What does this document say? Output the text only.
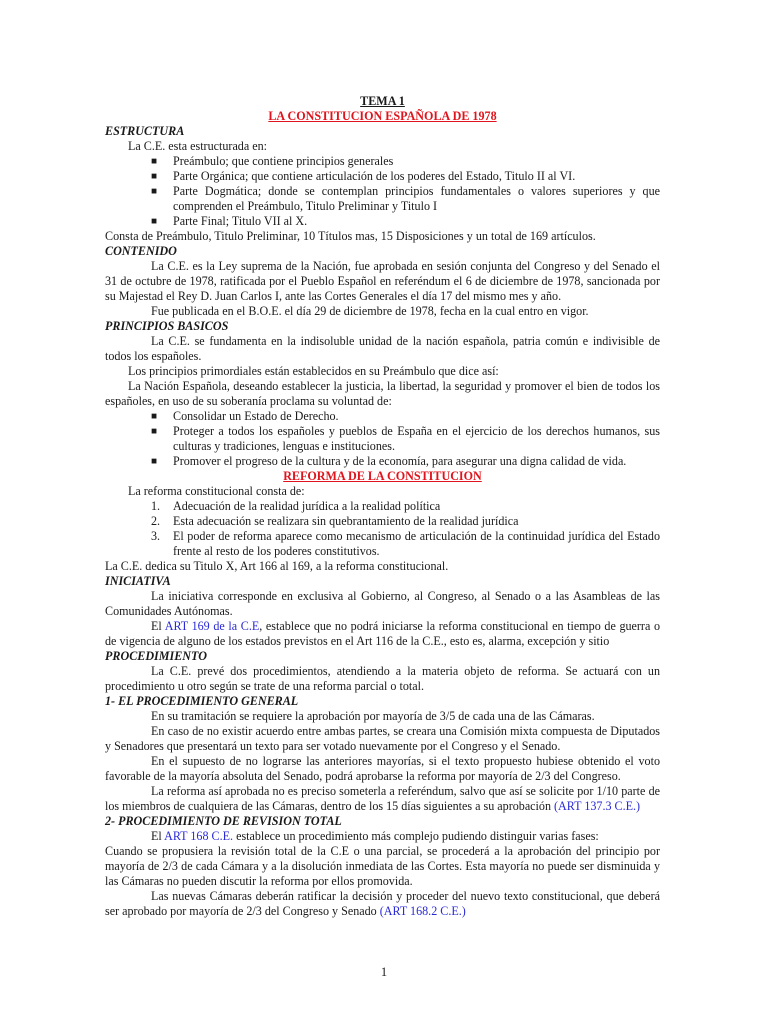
TEMA 1

LA CONSTITUCION ESPAÑOLA DE 1978

ESTRUCTURA

La C.E. esta estructurada en:

■ Preámbulo; que contiene principios generales
■ Parte Orgánica; que contiene articulación de los poderes del Estado, Titulo II al VI.
■ Parte Dogmática; donde se contemplan principios fundamentales o valores superiores y que comprenden el Preámbulo, Titulo Preliminar y Titulo I
■ Parte Final; Titulo VII al X.

Consta de Preámbulo, Titulo Preliminar, 10 Títulos mas, 15 Disposiciones y un total de 169 artículos.

CONTENIDO

La C.E. es la Ley suprema de la Nación, fue aprobada en sesión conjunta del Congreso y del Senado el 31 de octubre de 1978, ratificada por el Pueblo Español en referéndum el 6 de diciembre de 1978, sancionada por su Majestad el Rey D. Juan Carlos I, ante las Cortes Generales el día 17 del mismo mes y año.

Fue publicada en el B.O.E. el día 29 de diciembre de 1978, fecha en la cual entro en vigor.

PRINCIPIOS BASICOS

La C.E. se fundamenta en la indisoluble unidad de la nación española, patria común e indivisible de todos los españoles.

Los principios primordiales están establecidos en su Preámbulo que dice así:

La Nación Española, deseando establecer la justicia, la libertad, la seguridad y promover el bien de todos los españoles, en uso de su soberanía proclama su voluntad de:

■ Consolidar un Estado de Derecho.
■ Proteger a todos los españoles y pueblos de España en el ejercicio de los derechos humanos, sus culturas y tradiciones, lenguas e instituciones.
■ Promover el progreso de la cultura y de la economía, para asegurar una digna calidad de vida.

REFORMA DE LA CONSTITUCION

La reforma constitucional consta de:

1. Adecuación de la realidad jurídica a la realidad política
2. Esta adecuación se realizara sin quebrantamiento de la realidad jurídica
3. El poder de reforma aparece como mecanismo de articulación de la continuidad jurídica del Estado frente al resto de los poderes constitutivos.

La C.E. dedica su Titulo X, Art 166 al 169, a la reforma constitucional.

INICIATIVA

La iniciativa corresponde en exclusiva al Gobierno, al Congreso, al Senado o a las Asambleas de las Comunidades Autónomas.

El ART 169 de la C.E, establece que no podrá iniciarse la reforma constitucional en tiempo de guerra o de vigencia de alguno de los estados previstos en el Art 116 de la C.E., esto es, alarma, excepción y sitio

PROCEDIMIENTO

La C.E. prevé dos procedimientos, atendiendo a la materia objeto de reforma. Se actuará con un procedimiento u otro según se trate de una reforma parcial o total.

1- EL PROCEDIMIENTO GENERAL

En su tramitación se requiere la aprobación por mayoría de 3/5 de cada una de las Cámaras.

En caso de no existir acuerdo entre ambas partes, se creara una Comisión mixta compuesta de Diputados y Senadores que presentará un texto para ser votado nuevamente por el Congreso y el Senado.

En el supuesto de no lograrse las anteriores mayorías, si el texto propuesto hubiese obtenido el voto favorable de la mayoría absoluta del Senado, podrá aprobarse la reforma por mayoría de 2/3 del Congreso.

La reforma así aprobada no es preciso someterla a referéndum, salvo que así se solicite por 1/10 parte de los miembros de cualquiera de las Cámaras, dentro de los 15 días siguientes a su aprobación (ART 137.3 C.E.)

2- PROCEDIMIENTO DE REVISION TOTAL

El ART 168 C.E. establece un procedimiento más complejo pudiendo distinguir varias fases:

Cuando se propusiera la revisión total de la C.E o una parcial, se procederá a la aprobación del principio por mayoría de 2/3 de cada Cámara y a la disolución inmediata de las Cortes. Esta mayoría no puede ser disminuida y las Cámaras no pueden discutir la reforma por ellos promovida.

Las nuevas Cámaras deberán ratificar la decisión y proceder del nuevo texto constitucional, que deberá ser aprobado por mayoría de 2/3 del Congreso y Senado (ART 168.2 C.E.)

1
